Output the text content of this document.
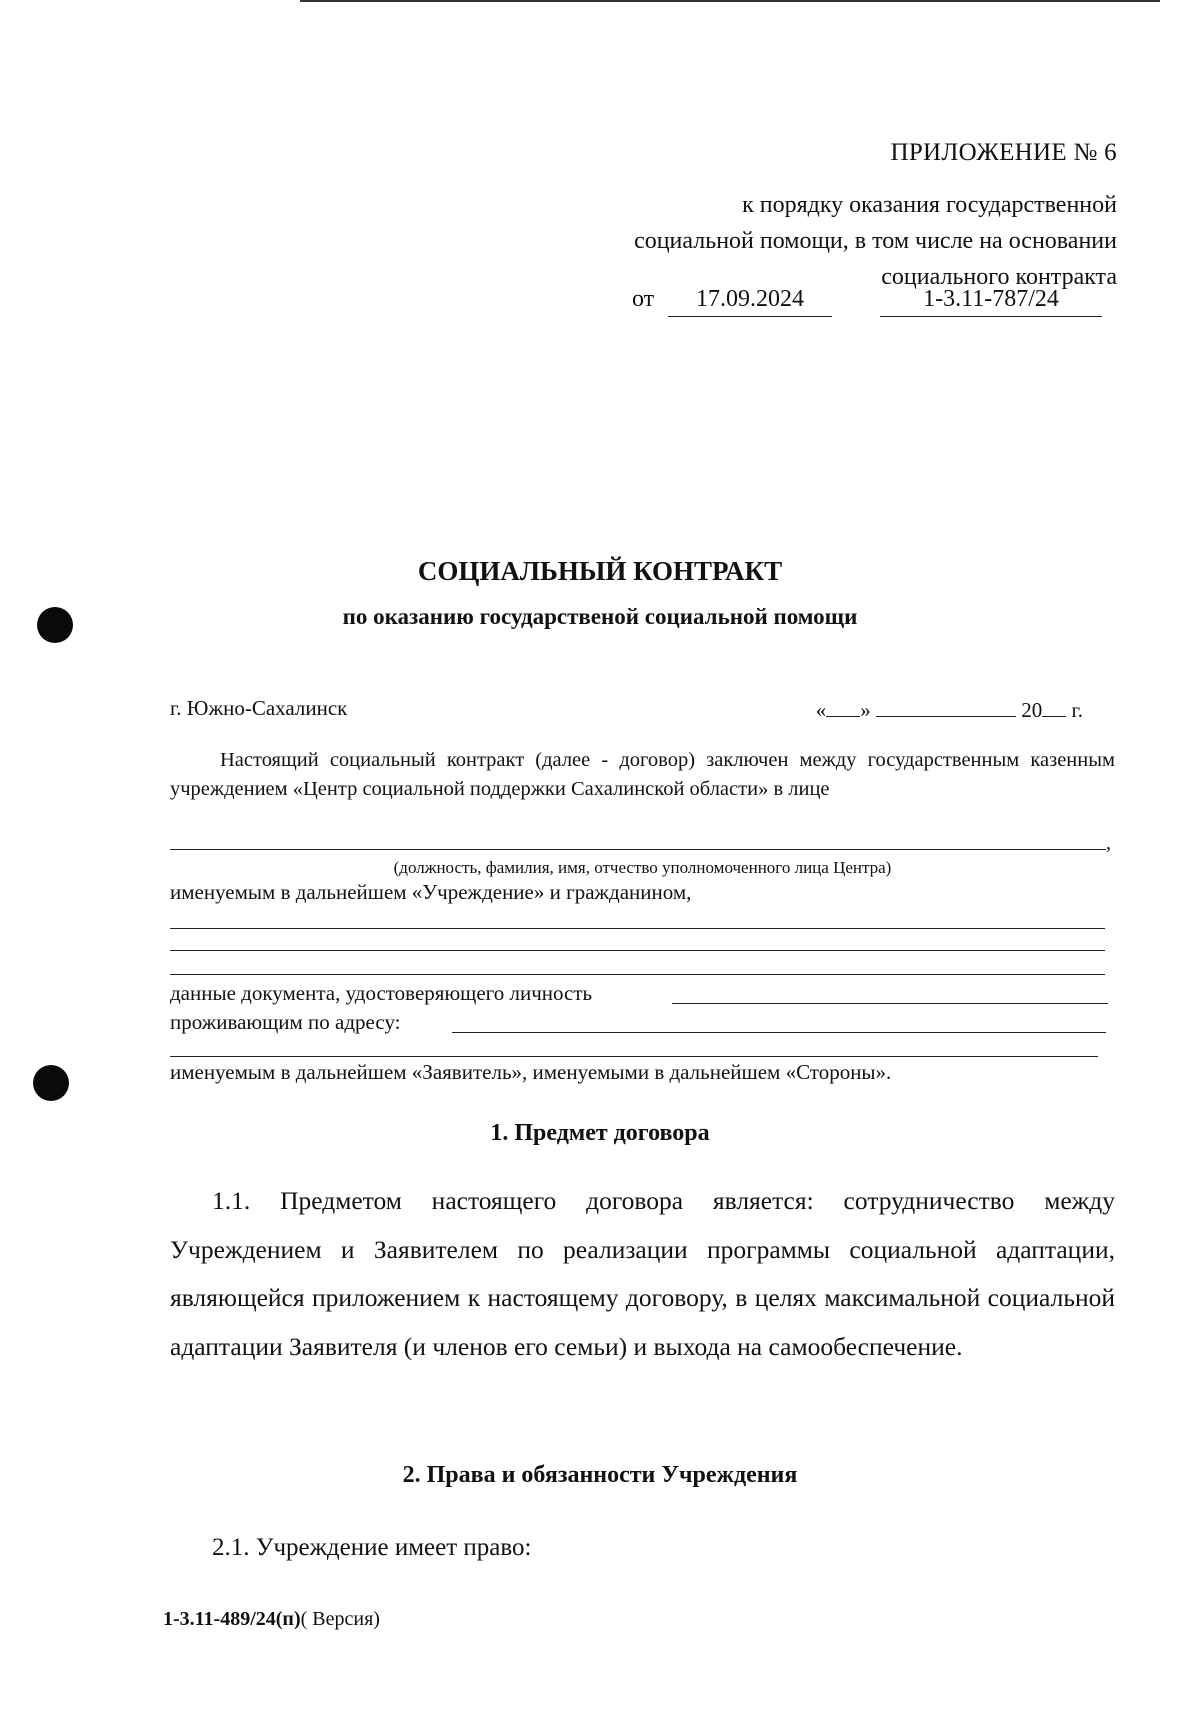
ПРИЛОЖЕНИЕ № 6
к порядку оказания государственной
социальной помощи, в том числе на основании
социального контракта
от	17.09.2024	1-3.11-787/24
СОЦИАЛЬНЫЙ КОНТРАКТ
по оказанию государственой социальной помощи
г. Южно-Сахалинск	« »	20 г.

Настоящий социальный контракт (далее - договор) заключен между государственным казенным учреждением «Центр социальной поддержки Сахалинской области» в лице

,
(должность, фамилия, имя, отчество уполномоченного лица Центра)
именуемым в дальнейшем «Учреждение» и гражданином,
данные документа, удостоверяющего личность
проживающим по адресу:
именуемым в дальнейшем «Заявитель», именуемыми в дальнейшем «Стороны».
1. Предмет договора

1.1. Предметом настоящего договора является: сотрудничество между Учреждением и Заявителем по реализации программы социальной адаптации, являющейся приложением к настоящему договору, в целях максимальной социальной адаптации Заявителя (и членов его семьи) и выхода на самообеспечение.

2. Права и обязанности Учреждения
2.1. Учреждение имеет право:
1-3.11-489/24(п)( Версия)
